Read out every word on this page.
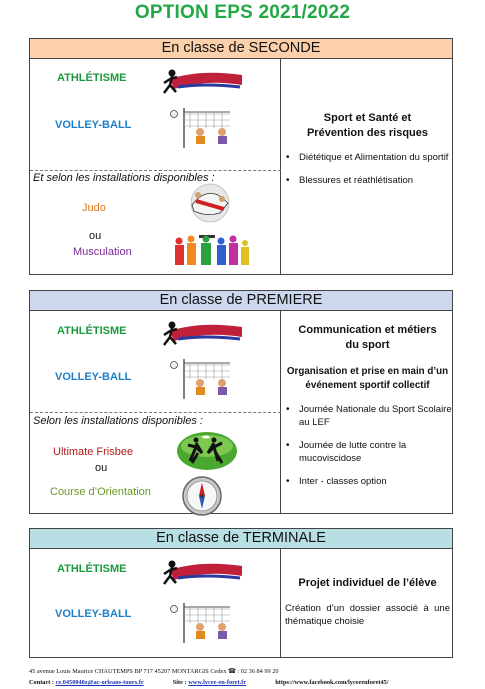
OPTION EPS 2021/2022
En classe de SECONDE
ATHLÉTISME
VOLLEY-BALL
Et selon les installations disponibles :
Judo
ou
Musculation
Sport et Santé et Prévention des risques
• Diététique et Alimentation du sportif
• Blessures et réathlétisation
En classe de PREMIERE
ATHLÉTISME
VOLLEY-BALL
Selon les installations disponibles :
Ultimate Frisbee
ou
Course d’Orientation
Communication et métiers du sport
Organisation et prise en main d’un événement sportif collectif
• Journée Nationale du Sport Scolaire au LEF
• Journée de lutte contre la mucoviscidose
• Inter - classes option
En classe de TERMINALE
ATHLÉTISME
VOLLEY-BALL
Projet individuel de l’élève
Création d’un dossier associé à une thématique choisie
45 avenue Louis Maurice CHAUTEMPS BP 717 45207 MONTARGIS Cedex ☎ : 02 36 84 99 20
Contact : ce.0450040z@ac-orleans-tours.fr	Site : www.lycee-en-foret.fr	https://www.facebook.com/lyceeenforet45/
